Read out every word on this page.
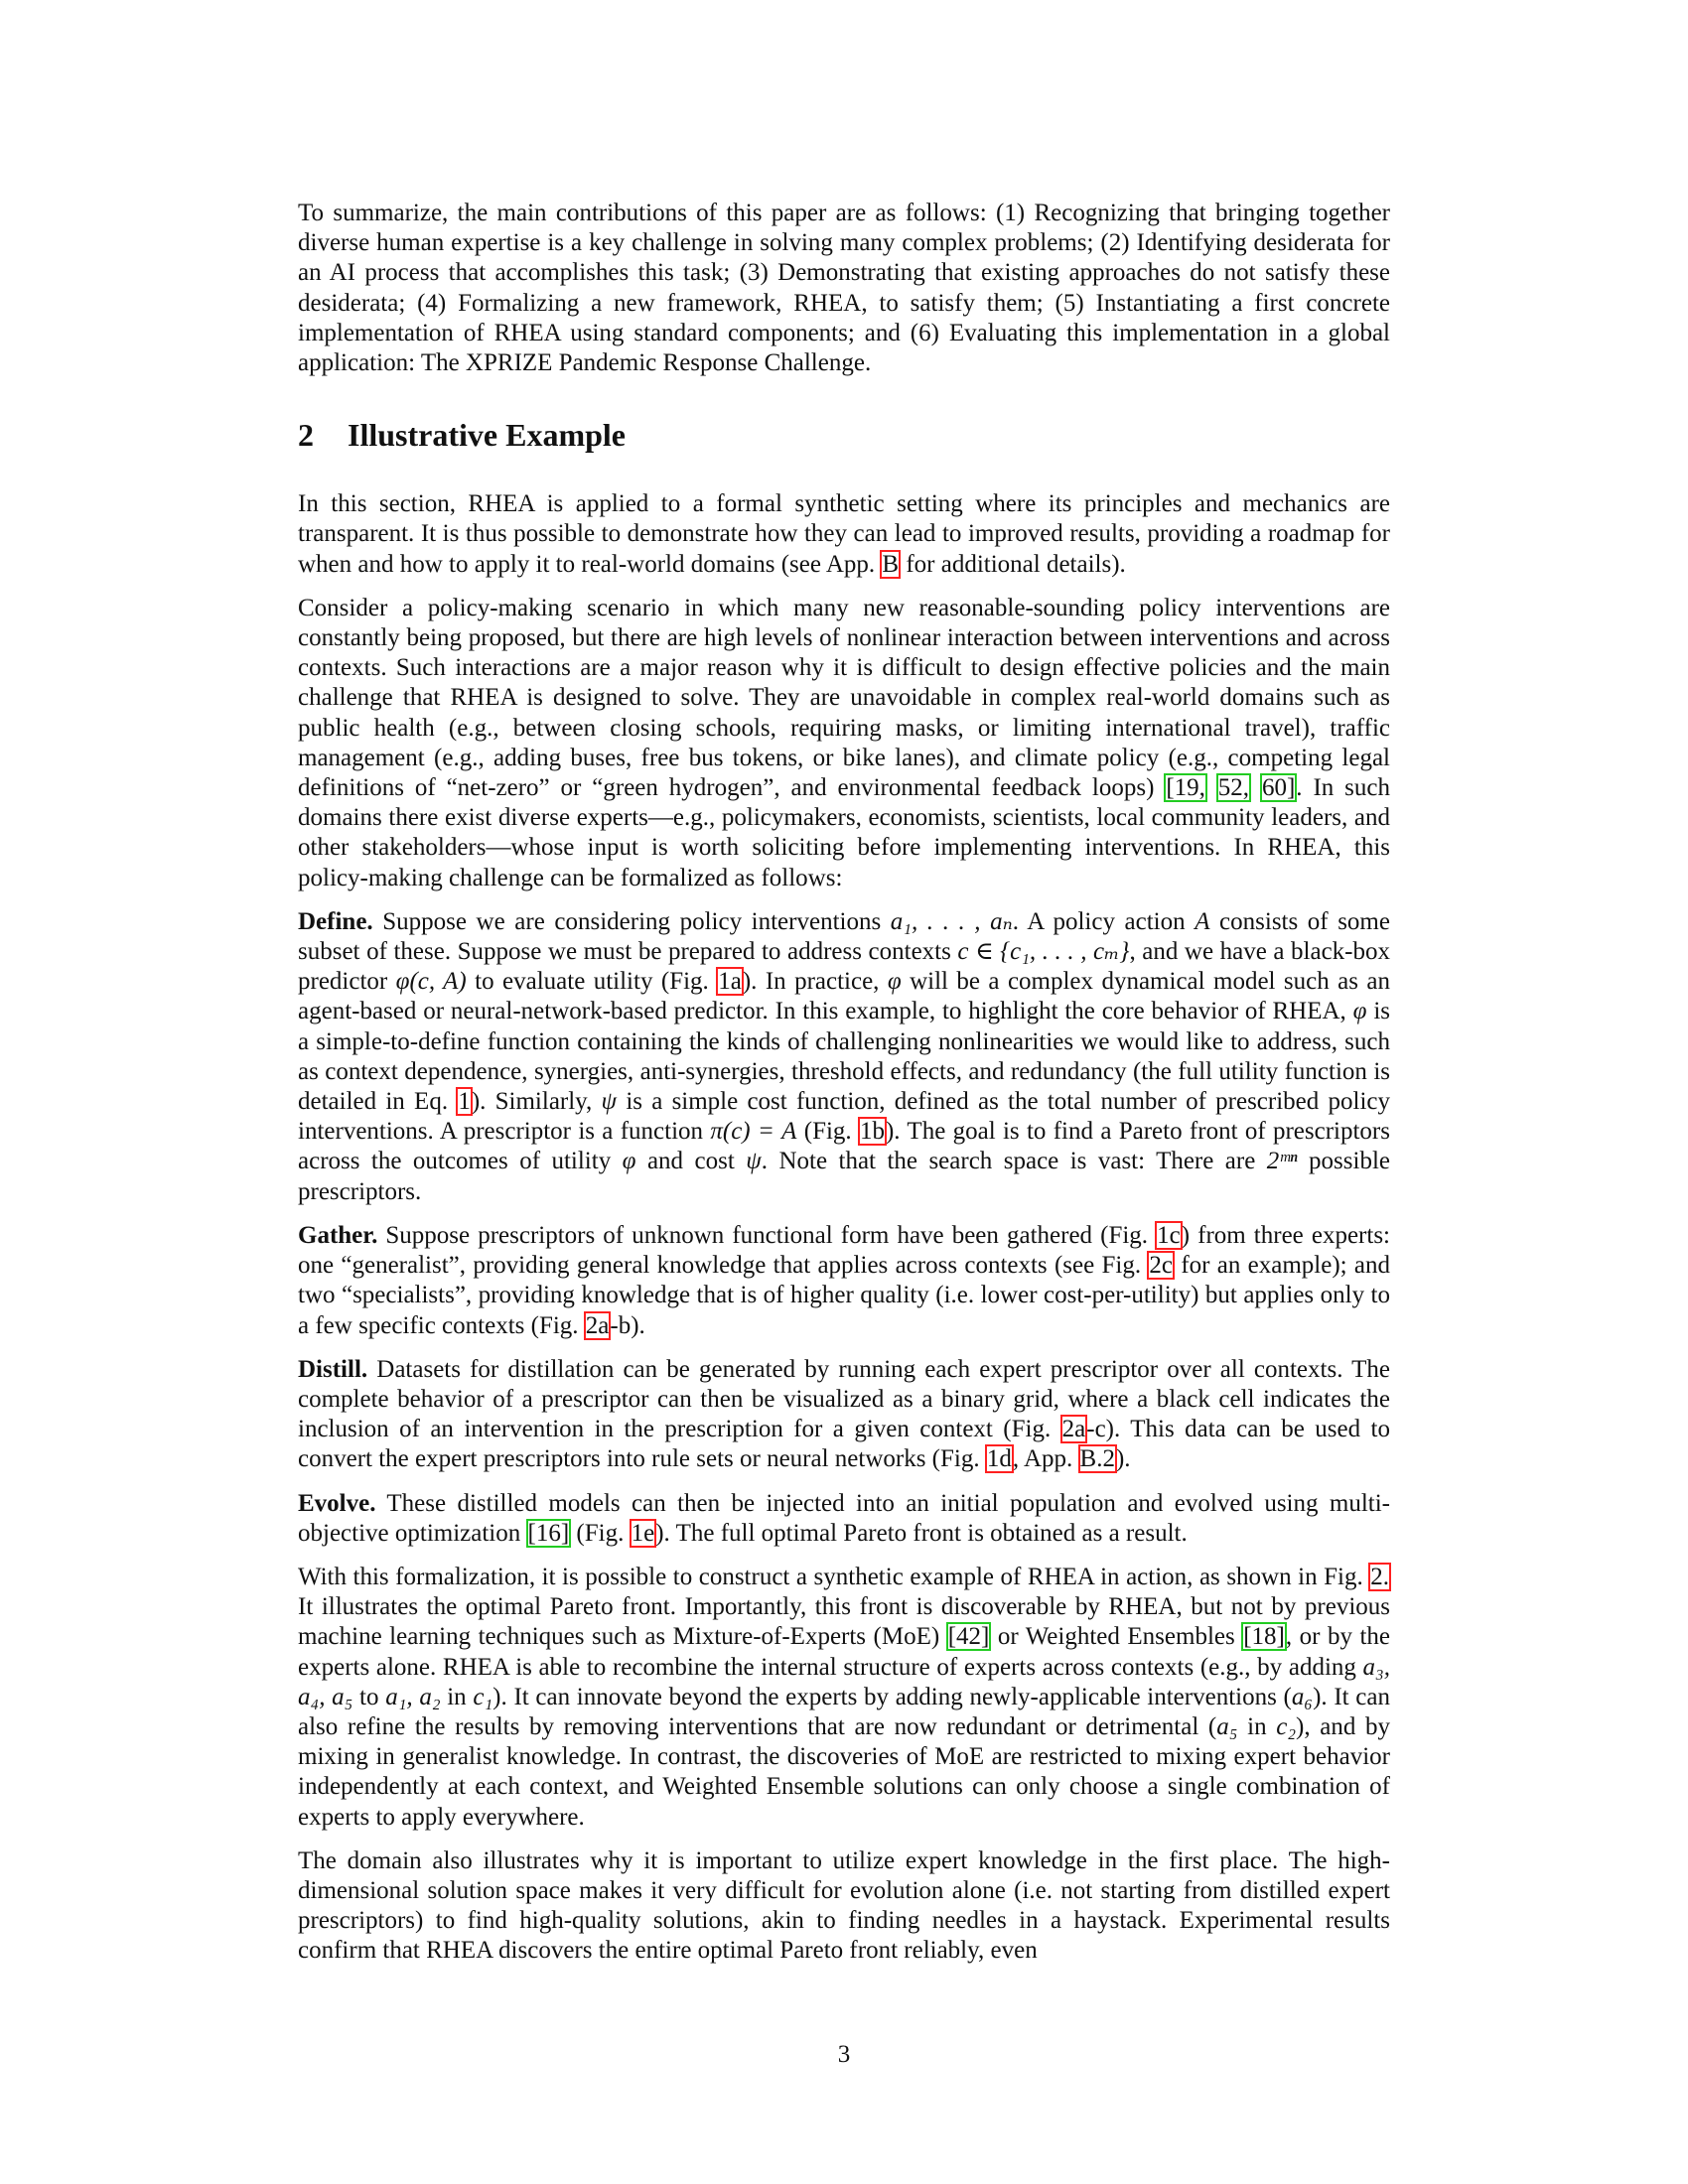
To summarize, the main contributions of this paper are as follows: (1) Recognizing that bringing together diverse human expertise is a key challenge in solving many complex problems; (2) Identifying desiderata for an AI process that accomplishes this task; (3) Demonstrating that existing approaches do not satisfy these desiderata; (4) Formalizing a new framework, RHEA, to satisfy them; (5) Instantiating a first concrete implementation of RHEA using standard components; and (6) Evaluating this implementation in a global application: The XPRIZE Pandemic Response Challenge.

2 Illustrative Example

In this section, RHEA is applied to a formal synthetic setting where its principles and mechanics are transparent. It is thus possible to demonstrate how they can lead to improved results, providing a roadmap for when and how to apply it to real-world domains (see App. B for additional details).

Consider a policy-making scenario in which many new reasonable-sounding policy interventions are constantly being proposed, but there are high levels of nonlinear interaction between interventions and across contexts. Such interactions are a major reason why it is difficult to design effective policies and the main challenge that RHEA is designed to solve. They are unavoidable in complex real-world domains such as public health (e.g., between closing schools, requiring masks, or limiting international travel), traffic management (e.g., adding buses, free bus tokens, or bike lanes), and climate policy (e.g., competing legal definitions of “net-zero” or “green hydrogen”, and environmental feedback loops) [19, 52, 60]. In such domains there exist diverse experts—e.g., policymakers, economists, scientists, local community leaders, and other stakeholders—whose input is worth soliciting before implementing interventions. In RHEA, this policy-making challenge can be formalized as follows:

Define. Suppose we are considering policy interventions a₁, . . . , aₙ. A policy action A consists of some subset of these. Suppose we must be prepared to address contexts c ∈ {c₁, . . . , cₘ}, and we have a black-box predictor φ(c, A) to evaluate utility (Fig. 1a). In practice, φ will be a complex dynamical model such as an agent-based or neural-network-based predictor. In this example, to highlight the core behavior of RHEA, φ is a simple-to-define function containing the kinds of challenging nonlinearities we would like to address, such as context dependence, synergies, anti-synergies, threshold effects, and redundancy (the full utility function is detailed in Eq. 1). Similarly, ψ is a simple cost function, defined as the total number of prescribed policy interventions. A prescriptor is a function π(c) = A (Fig. 1b). The goal is to find a Pareto front of prescriptors across the outcomes of utility φ and cost ψ. Note that the search space is vast: There are 2ᵐⁿ possible prescriptors.

Gather. Suppose prescriptors of unknown functional form have been gathered (Fig. 1c) from three experts: one “generalist”, providing general knowledge that applies across contexts (see Fig. 2c for an example); and two “specialists”, providing knowledge that is of higher quality (i.e. lower cost-per-utility) but applies only to a few specific contexts (Fig. 2a-b).

Distill. Datasets for distillation can be generated by running each expert prescriptor over all contexts. The complete behavior of a prescriptor can then be visualized as a binary grid, where a black cell indicates the inclusion of an intervention in the prescription for a given context (Fig. 2a-c). This data can be used to convert the expert prescriptors into rule sets or neural networks (Fig. 1d, App. B.2).

Evolve. These distilled models can then be injected into an initial population and evolved using multi-objective optimization [16] (Fig. 1e). The full optimal Pareto front is obtained as a result.

With this formalization, it is possible to construct a synthetic example of RHEA in action, as shown in Fig. 2. It illustrates the optimal Pareto front. Importantly, this front is discoverable by RHEA, but not by previous machine learning techniques such as Mixture-of-Experts (MoE) [42] or Weighted Ensembles [18], or by the experts alone. RHEA is able to recombine the internal structure of experts across contexts (e.g., by adding a₃, a₄, a₅ to a₁, a₂ in c₁). It can innovate beyond the experts by adding newly-applicable interventions (a₆). It can also refine the results by removing interventions that are now redundant or detrimental (a₅ in c₂), and by mixing in generalist knowledge. In contrast, the discoveries of MoE are restricted to mixing expert behavior independently at each context, and Weighted Ensemble solutions can only choose a single combination of experts to apply everywhere.

The domain also illustrates why it is important to utilize expert knowledge in the first place. The high-dimensional solution space makes it very difficult for evolution alone (i.e. not starting from distilled expert prescriptors) to find high-quality solutions, akin to finding needles in a haystack. Experimental results confirm that RHEA discovers the entire optimal Pareto front reliably, even

3
